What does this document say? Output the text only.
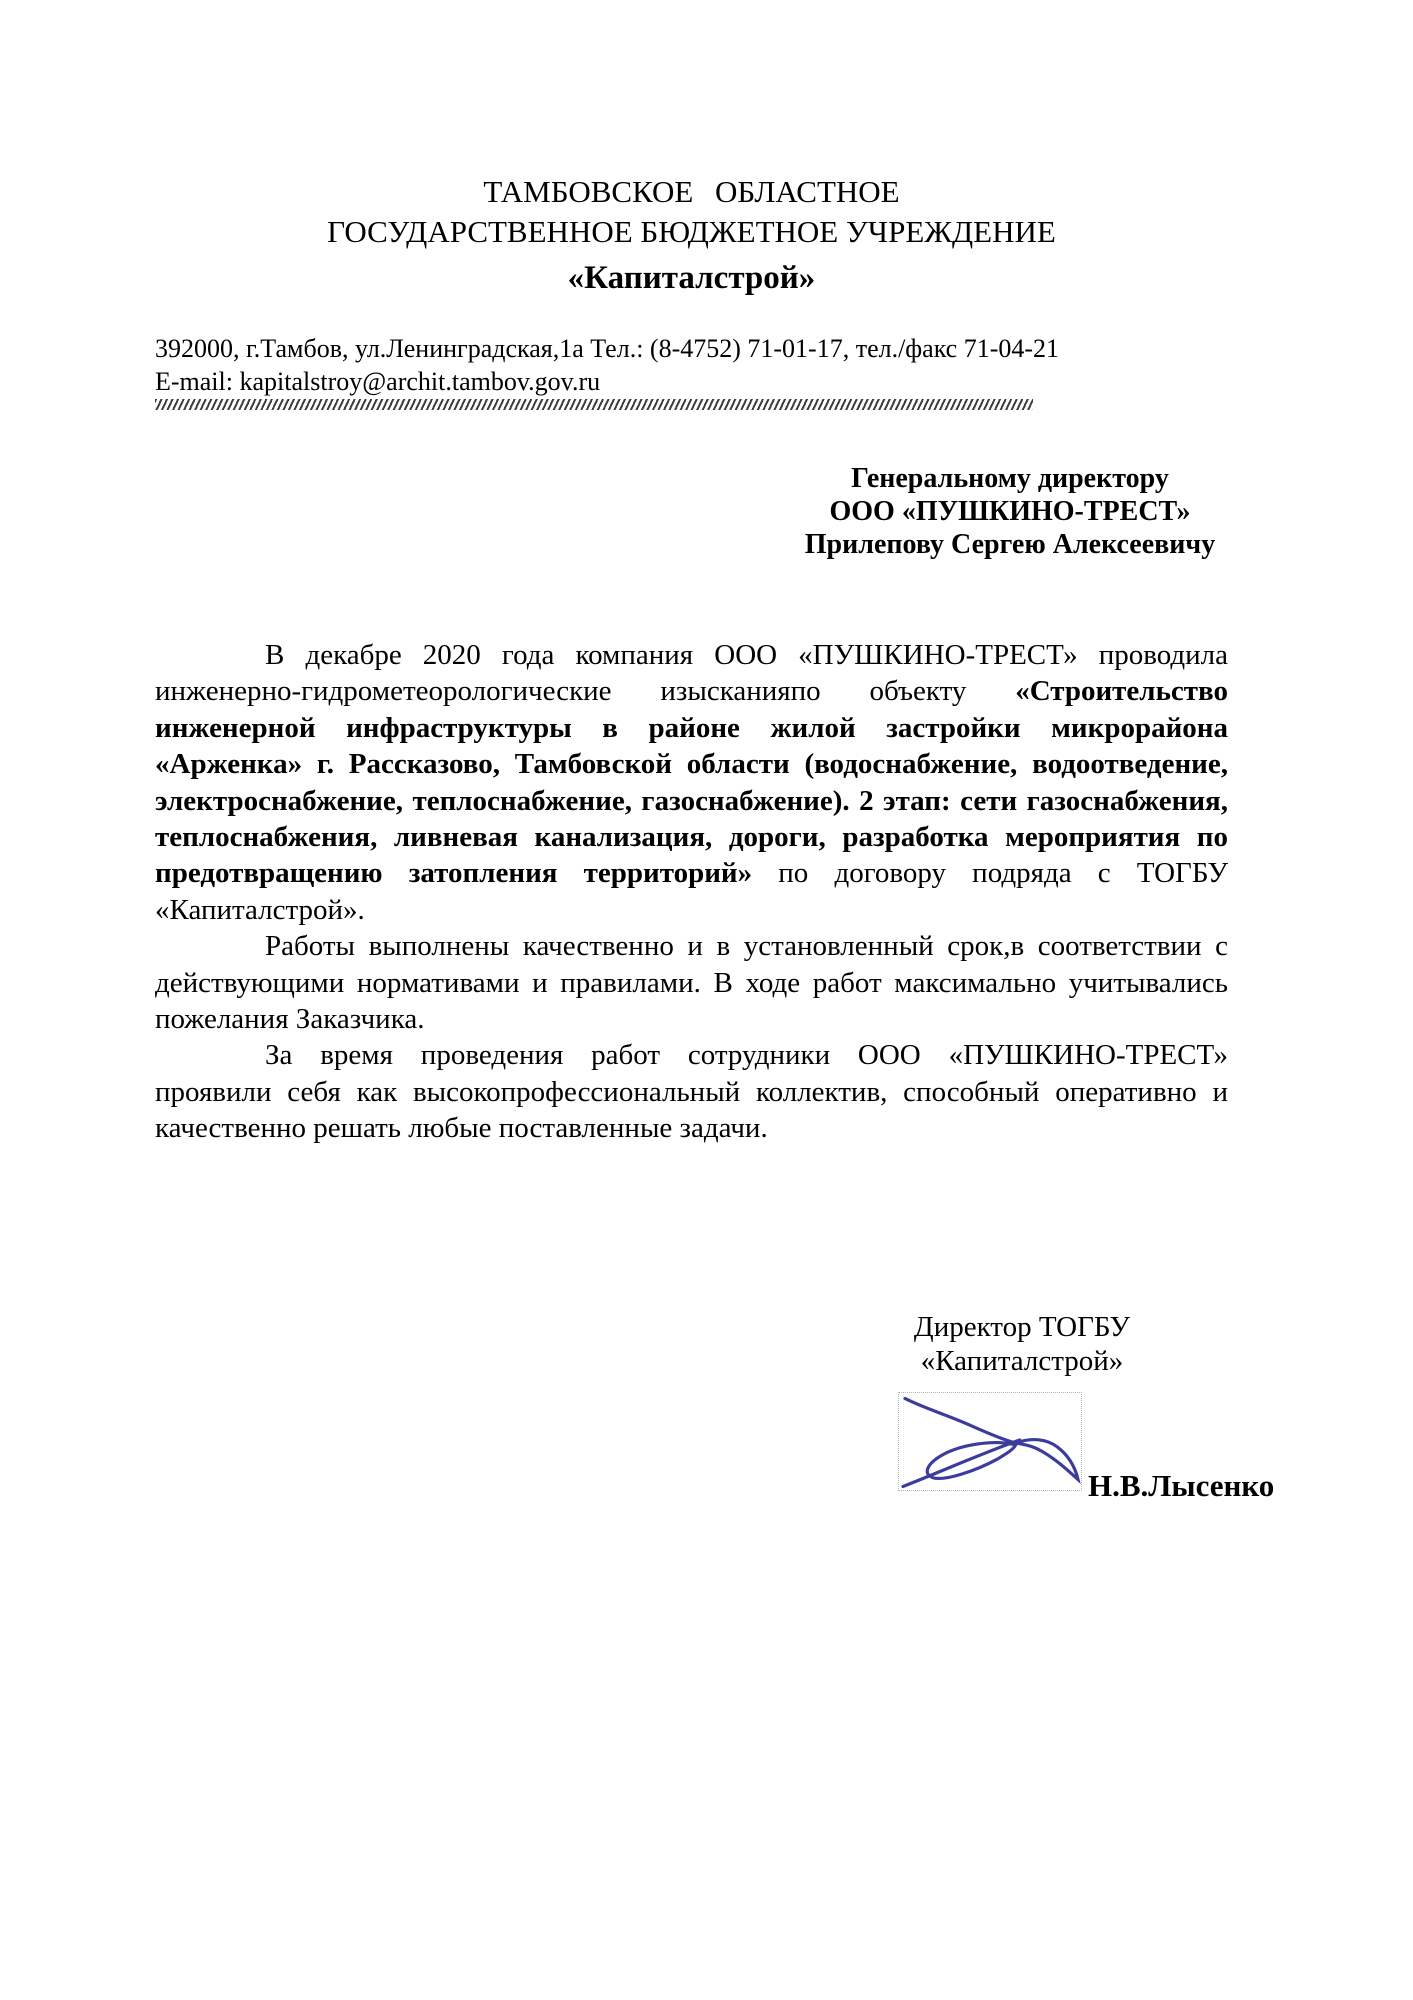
ТАМБОВСКОЕ ОБЛАСТНОЕ
ГОСУДАРСТВЕННОЕ БЮДЖЕТНОЕ УЧРЕЖДЕНИЕ
«Капиталстрой»
392000, г.Тамбов, ул.Ленинградская,1а Тел.: (8-4752) 71-01-17, тел./факс 71-04-21
E-mail: kapitalstroy@archit.tambov.gov.ru
Генеральному директору
ООО «ПУШКИНО-ТРЕСТ»
Прилепову Сергею Алексеевичу

В декабре 2020 года компания ООО «ПУШКИНО-ТРЕСТ» проводила инженерно-гидрометеорологические изысканияпо объекту «Строительство инженерной инфраструктуры в районе жилой застройки микрорайона «Арженка» г. Рассказово, Тамбовской области (водоснабжение, водоотведение, электроснабжение, теплоснабжение, газоснабжение). 2 этап: сети газоснабжения, теплоснабжения, ливневая канализация, дороги, разработка мероприятия по предотвращению затопления территорий» по договору подряда с ТОГБУ «Капиталстрой».

Работы выполнены качественно и в установленный срок,в соответствии с действующими нормативами и правилами. В ходе работ максимально учитывались пожелания Заказчика.

За время проведения работ сотрудники ООО «ПУШКИНО-ТРЕСТ» проявили себя как высокопрофессиональный коллектив, способный оперативно и качественно решать любые поставленные задачи.

Директор ТОГБУ
«Капиталстрой»
Н.В.Лысенко
